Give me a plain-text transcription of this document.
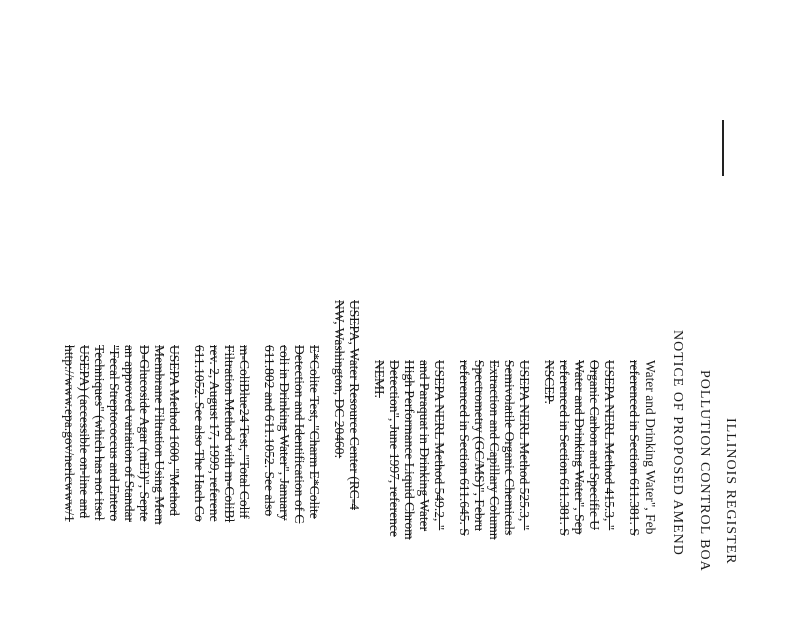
ILLINOIS REGISTER
POLLUTION CONTROL BOA
NOTICE OF PROPOSED AMEND
Water and Drinking Water", Feb
referenced in Section 611.381. S
USEPA NERL Method 415.3, "
Organic Carbon and Specific U
Water and Drinking Water", Sep
referenced in Section 611.381. S
NSCEP.
USEPA NERL Method 525.3, "
Semivolatile Organic Chemicals
Extraction and Capillary Column
Spectrometry (GC/MS)", Febru
referenced in Section 611.645. S
USEPA NERL Method 549.2, "
and Paraquat in Drinking Water
High Performance Liquid Chrom
Detection", June 1997, reference
NEMI.
USEPA, Water Resource Center (RC-4
NW, Washington, DC 20460:
E*Colite Test, "Charm E*Colite
Detection and Identification of C
coli in Drinking Water", January
611.802 and 611.1052. See also
m-ColiBlue24 Test, "Total Colif
Filtration Method with m-ColiBl
rev. 2, August 17, 1999, referenc
611.1052. See also The Hach Co
USEPA Method 1600, "Method
Membrane Filtration Using Mem
D-Glucoside Agar (mEI)", Septe
an approved variation of Standar
"Fecal Streptococcus and Entero
Techniques" (which has not itsel
USEPA) (accessible on-line and
http://www.epa.gov/nerlcwww/1
